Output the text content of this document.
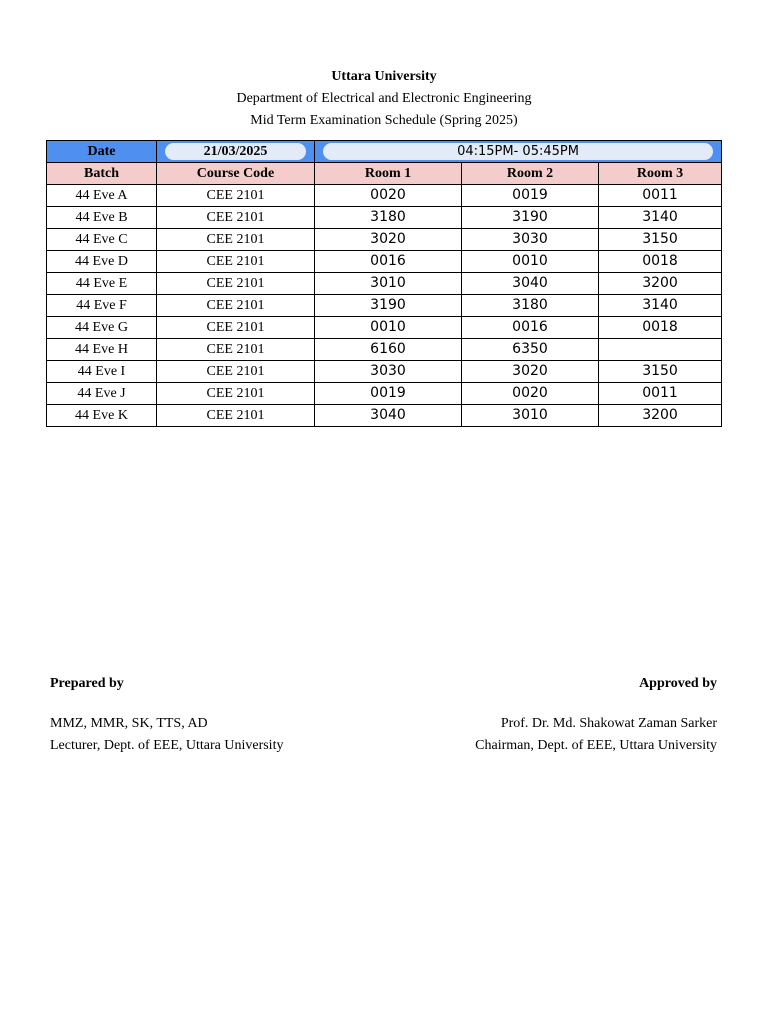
Uttara University
Department of Electrical and Electronic Engineering
Mid Term Examination Schedule (Spring 2025)
Date	21/03/2025	04:15PM- 05:45PM		

Batch	Course Code	Room 1	Room 2	Room 3
44 Eve A	CEE 2101	0020	0019	0011
44 Eve B	CEE 2101	3180	3190	3140
44 Eve C	CEE 2101	3020	3030	3150
44 Eve D	CEE 2101	0016	0010	0018
44 Eve E	CEE 2101	3010	3040	3200
44 Eve F	CEE 2101	3190	3180	3140
44 Eve G	CEE 2101	0010	0016	0018
44 Eve H	CEE 2101	6160	6350	
44 Eve I	CEE 2101	3030	3020	3150
44 Eve J	CEE 2101	0019	0020	0011
44 Eve K	CEE 2101	3040	3010	3200
Prepared by
MMZ, MMR, SK, TTS, AD
Lecturer, Dept. of EEE, Uttara University
Approved by
Prof. Dr. Md. Shakowat Zaman Sarker
Chairman, Dept. of EEE, Uttara University
